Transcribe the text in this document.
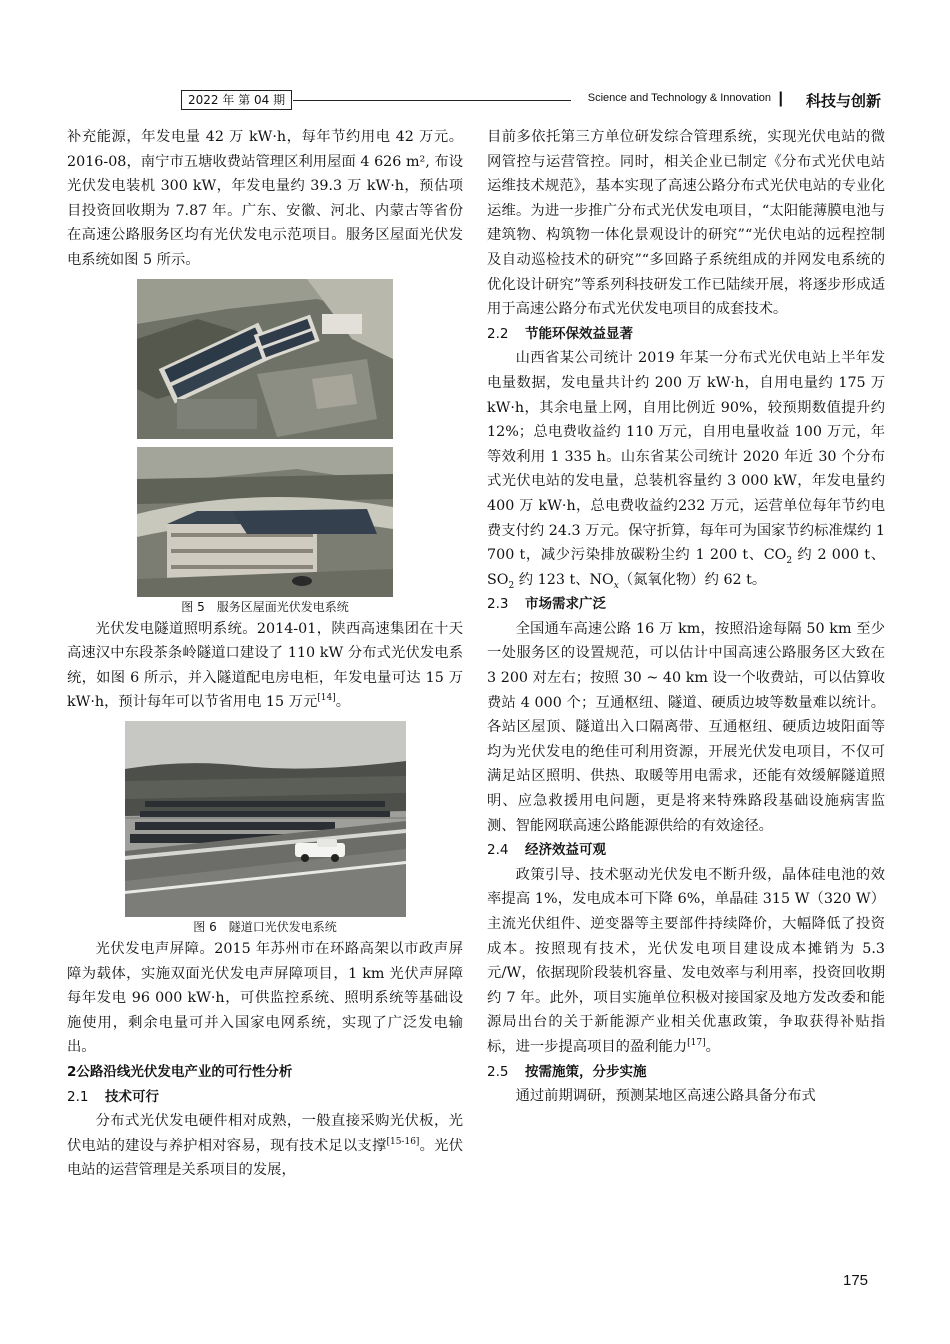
2022 年 第 04 期	Science and Technology & Innovation | 科技与创新

补充能源，年发电量 42 万 kW·h，每年节约用电 42 万元。2016-08，南宁市五塘收费站管理区利用屋面 4 626 m², 布设光伏发电装机 300 kW，年发电量约 39.3 万 kW·h，预估项目投资回收期为 7.87 年。广东、安徽、河北、内蒙古等省份在高速公路服务区均有光伏发电示范项目。服务区屋面光伏发电系统如图 5 所示。

图 5　服务区屋面光伏发电系统

光伏发电隧道照明系统。2014-01，陕西高速集团在十天高速汉中东段茶条岭隧道口建设了 110 kW 分布式光伏发电系统，如图 6 所示，并入隧道配电房电柜，年发电量可达 15 万 kW·h，预计每年可以节省用电 15 万元[14]。

图 6　隧道口光伏发电系统

光伏发电声屏障。2015 年苏州市在环路高架以市政声屏障为载体，实施双面光伏发电声屏障项目，1 km 光伏声屏障每年发电 96 000 kW·h，可供监控系统、照明系统等基础设施使用，剩余电量可并入国家电网系统，实现了广泛发电输出。

2公路沿线光伏发电产业的可行性分析
2.1 技术可行

分布式光伏发电硬件相对成熟，一般直接采购光伏板，光伏电站的建设与养护相对容易，现有技术足以支撑[15-16]。光伏电站的运营管理是关系项目的发展，

目前多依托第三方单位研发综合管理系统，实现光伏电站的微网管控与运营管控。同时，相关企业已制定《分布式光伏电站运维技术规范》，基本实现了高速公路分布式光伏电站的专业化运维。为进一步推广分布式光伏发电项目，“太阳能薄膜电池与建筑物、构筑物一体化景观设计的研究”“光伏电站的远程控制及自动巡检技术的研究”“多回路子系统组成的并网发电系统的优化设计研究”等系列科技研发工作已陆续开展，将逐步形成适用于高速公路分布式光伏发电项目的成套技术。

2.2 节能环保效益显著

山西省某公司统计 2019 年某一分布式光伏电站上半年发电量数据，发电量共计约 200 万 kW·h，自用电量约 175 万 kW·h，其余电量上网，自用比例近 90%，较预期数值提升约 12%；总电费收益约 110 万元，自用电量收益 100 万元，年等效利用 1 335 h。山东省某公司统计 2020 年近 30 个分布式光伏电站的发电量，总装机容量约 3 000 kW，年发电量约 400 万 kW·h，总电费收益约232 万元，运营单位每年节约电费支付约 24.3 万元。保守折算，每年可为国家节约标准煤约 1 700 t，减少污染排放碳粉尘约 1 200 t、$CO_2$ 约 2 000 t、$SO_2$ 约 123 t、$NO_x$（氮氧化物）约 62 t。

2.3 市场需求广泛

全国通车高速公路 16 万 km，按照沿途每隔 50 km 至少一处服务区的设置规范，可以估计中国高速公路服务区大致在 3 200 对左右；按照 30 ~ 40 km 设一个收费站，可以估算收费站 4 000 个；互通枢纽、隧道、硬质边坡等数量难以统计。各站区屋顶、隧道出入口隔离带、互通枢纽、硬质边坡阳面等均为光伏发电的绝佳可利用资源，开展光伏发电项目，不仅可满足站区照明、供热、取暖等用电需求，还能有效缓解隧道照明、应急救援用电问题，更是将来特殊路段基础设施病害监测、智能网联高速公路能源供给的有效途径。

2.4 经济效益可观

政策引导、技术驱动光伏发电不断升级，晶体硅电池的效率提高 1%，发电成本可下降 6%，单晶硅 315 W（320 W）主流光伏组件、逆变器等主要部件持续降价，大幅降低了投资成本。按照现有技术，光伏发电项目建设成本摊销为 5.3 元/W，依据现阶段装机容量、发电效率与利用率，投资回收期约 7 年。此外，项目实施单位积极对接国家及地方发改委和能源局出台的关于新能源产业相关优惠政策，争取获得补贴指标，进一步提高项目的盈利能力[17]。

2.5 按需施策，分步实施

通过前期调研，预测某地区高速公路具备分布式

175
